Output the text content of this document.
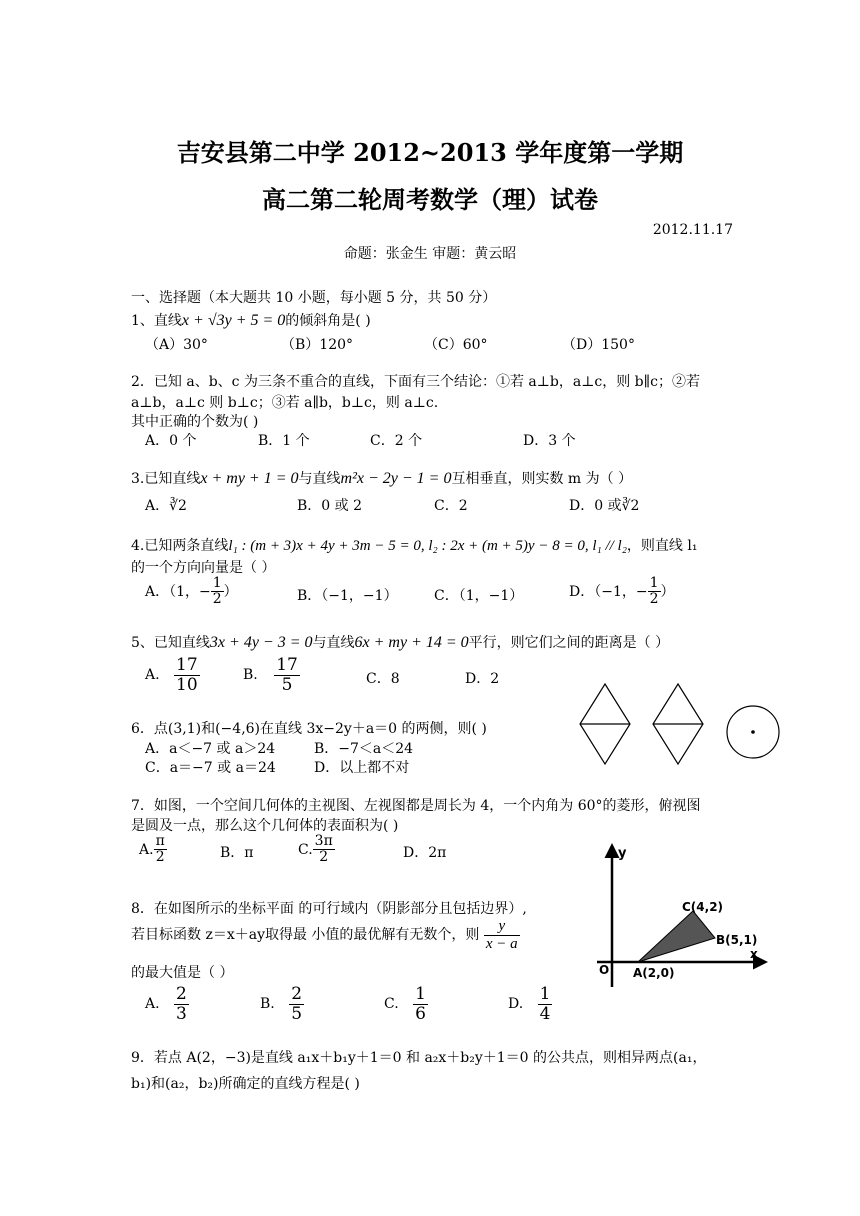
吉安县第二中学 2012~2013 学年度第一学期
高二第二轮周考数学（理）试卷
2012.11.17
命题：张金生 审题：黄云昭
一、选择题（本大题共 10 小题，每小题 5 分，共 50 分）
1、直线x + √3y + 5 = 0的倾斜角是( )
（A）30°	（B）120°	（C）60°	（D）150°
2．已知 a、b、c 为三条不重合的直线，下面有三个结论：①若 a⊥b，a⊥c，则 b∥c；②若
a⊥b，a⊥c 则 b⊥c；③若 a∥b，b⊥c，则 a⊥c.
其中正确的个数为( )
A．0 个	B．1 个	C．2 个	D．3 个
3.已知直线x + my + 1 = 0与直线m²x − 2y − 1 = 0互相垂直，则实数 m 为（ ）
A．∛2	B．0 或 2	C．2	D．0 或∛2
4.已知两条直线l₁ : (m + 3)x + 4y + 3m − 5 = 0, l₂ : 2x + (m + 5)y − 8 = 0, l₁ // l₂，则直线 l₁
的一个方向向量是（ ）
A．（1，− $\frac{1}{2}$ ）	B．（−1，−1）	C．（1，−1）	D．（−1，− $\frac{1}{2}$ ）
5、已知直线3x + 4y − 3 = 0与直线6x + my + 14 = 0平行，则它们之间的距离是（ ）
A. $\frac{17}{10}$	B. $\frac{17}{5}$	C．8	D．2
6．点(3,1)和(−4,6)在直线 3x−2y＋a＝0 的两侧，则( )
A．a＜−7 或 a＞24	B．−7＜a＜24
C．a＝−7 或 a＝24	D．以上都不对
7．如图，一个空间几何体的主视图、左视图都是周长为 4，一个内角为 60°的菱形，俯视图
是圆及一点，那么这个几何体的表面积为( )
A. $\frac{\pi}{2}$	B．π	C. $\frac{3\pi}{2}$	D．2π	y
x
O A(2,0)
B(5,1)
C(4,2)
8．在如图所示的坐标平面 的可行域内（阴影部分且包括边界）,
若目标函数 z＝x＋ay取得最 小值的最优解有无数个，则 $\frac{y}{x - a}$
的最大值是（ ）
A. $\frac{2}{3}$	B. $\frac{2}{5}$	C. $\frac{1}{6}$	D. $\frac{1}{4}$
9．若点 A(2，−3)是直线 a₁x＋b₁y＋1＝0 和 a₂x＋b₂y＋1＝0 的公共点，则相异两点(a₁，
b₁)和(a₂，b₂)所确定的直线方程是( )
